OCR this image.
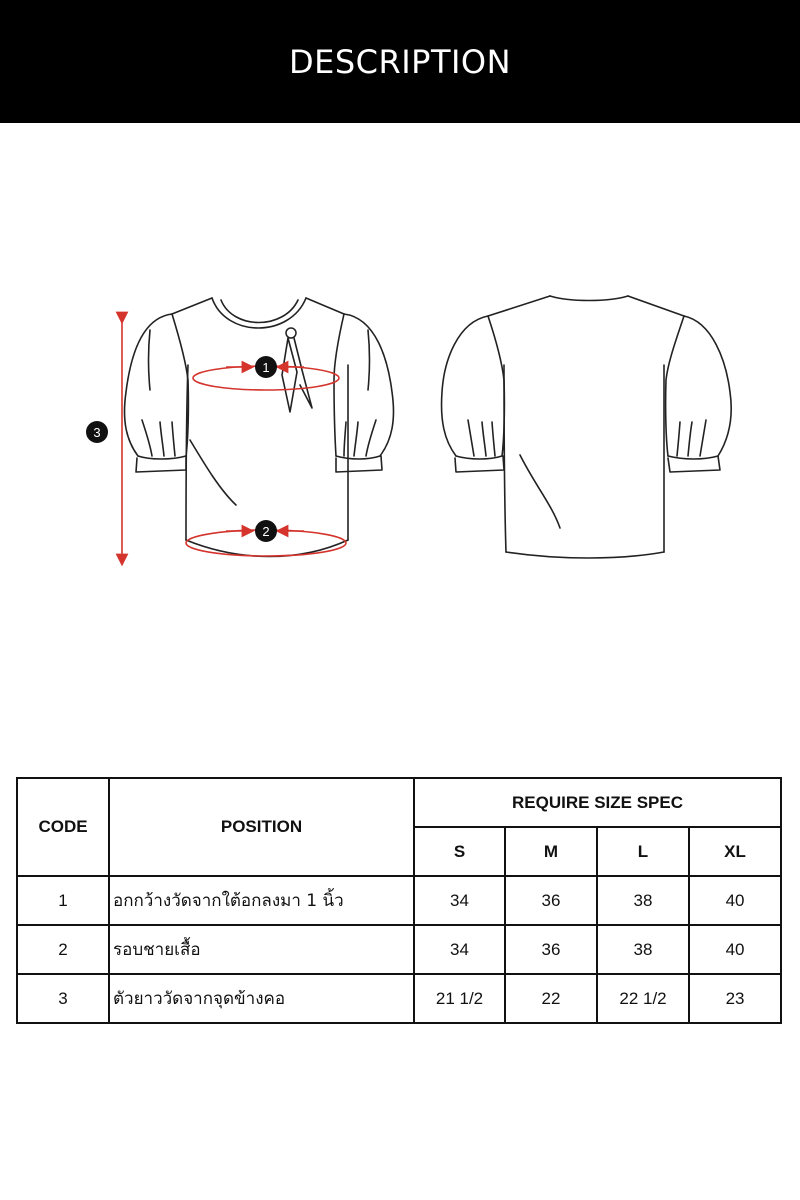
DESCRIPTION
1
2
3
CODE	POSITION	REQUIRE SIZE SPEC			
		S	M	L	XL
1	อกกว้างวัดจากใต้อกลงมา 1 นิ้ว	34	36	38	40
2	รอบชายเสื้อ	34	36	38	40
3	ตัวยาววัดจากจุดข้างคอ	21 1/2	22	22 1/2	23
